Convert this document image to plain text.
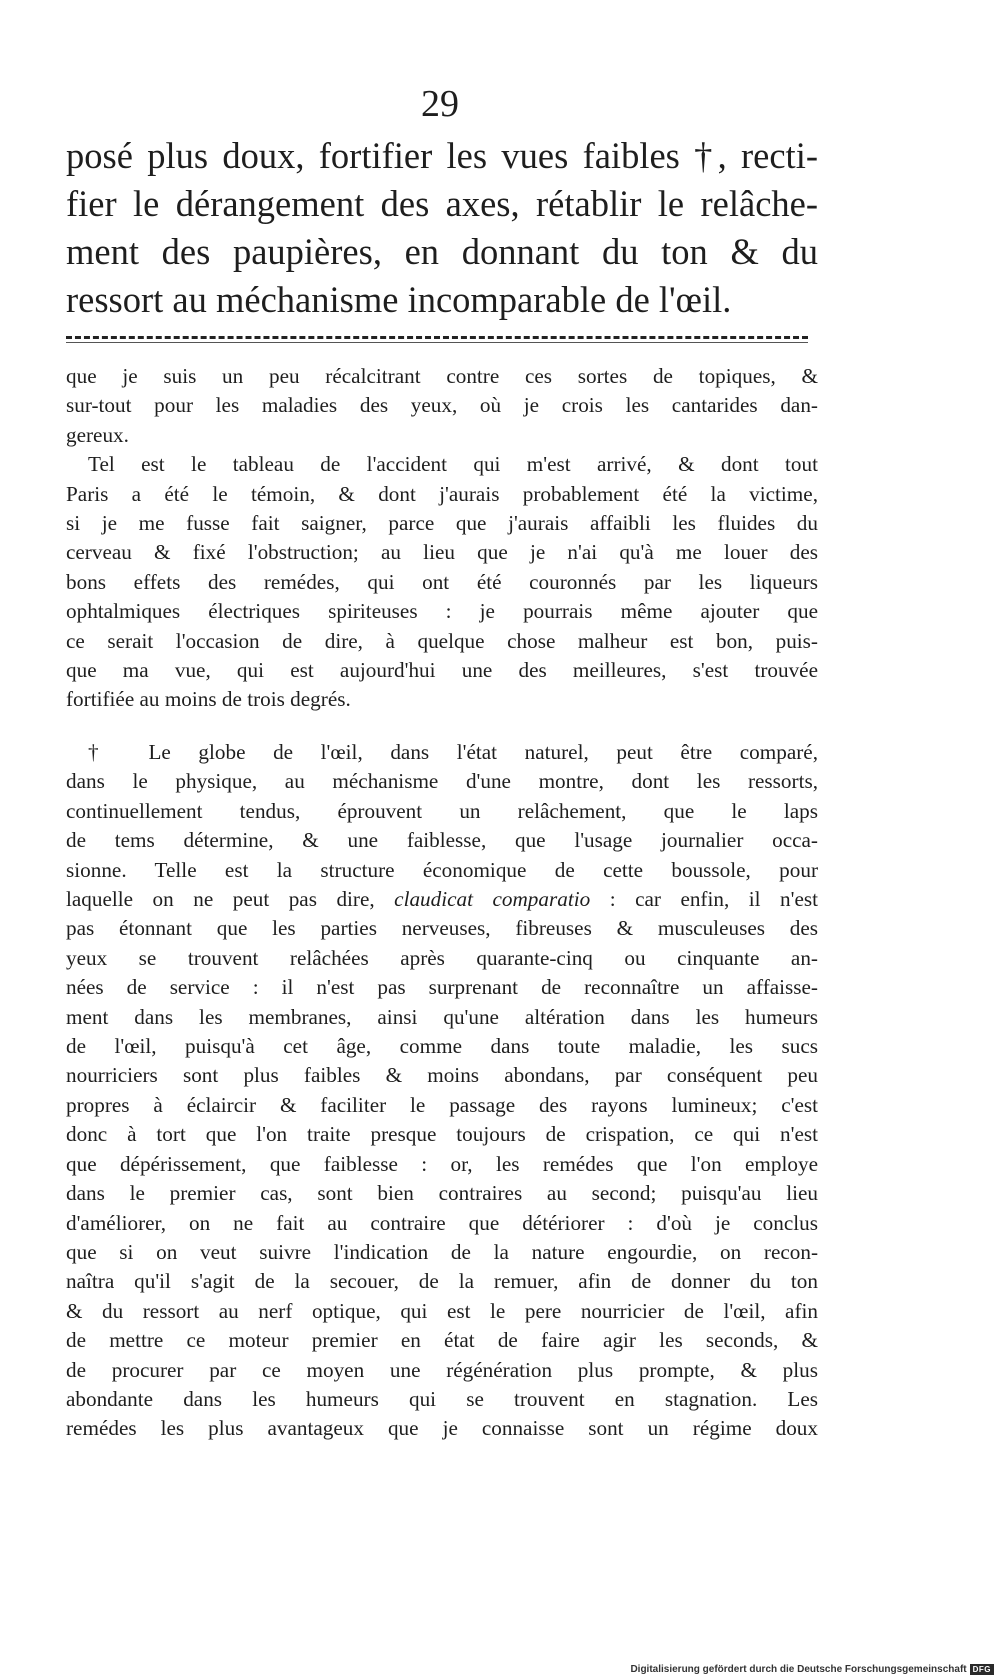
29
posé plus doux, fortifier les vues faibles †, recti-
fier le dérangement des axes, rétablir le relâche-
ment des paupières, en donnant du ton & du
ressort au méchanisme incomparable de l'œil.
que je suis un peu récalcitrant contre ces sortes de topiques, &
sur-tout pour les maladies des yeux, où je crois les cantarides dan-
gereux.
Tel est le tableau de l'accident qui m'est arrivé, & dont tout
Paris a été le témoin, & dont j'aurais probablement été la victime,
si je me fusse fait saigner, parce que j'aurais affaibli les fluides du
cerveau & fixé l'obstruction; au lieu que je n'ai qu'à me louer des
bons effets des remédes, qui ont été couronnés par les liqueurs
ophtalmiques électriques spiriteuses : je pourrais même ajouter que
ce serait l'occasion de dire, à quelque chose malheur est bon, puis-
que ma vue, qui est aujourd'hui une des meilleures, s'est trouvée
fortifiée au moins de trois degrés.
† Le globe de l'œil, dans l'état naturel, peut être comparé,
dans le physique, au méchanisme d'une montre, dont les ressorts,
continuellement tendus, éprouvent un relâchement, que le laps
de tems détermine, & une faiblesse, que l'usage journalier occa-
sionne. Telle est la structure économique de cette boussole, pour
laquelle on ne peut pas dire, claudicat comparatio : car enfin, il n'est
pas étonnant que les parties nerveuses, fibreuses & musculeuses des
yeux se trouvent relâchées après quarante-cinq ou cinquante an-
nées de service : il n'est pas surprenant de reconnaître un affaisse-
ment dans les membranes, ainsi qu'une altération dans les humeurs
de l'œil, puisqu'à cet âge, comme dans toute maladie, les sucs
nourriciers sont plus faibles & moins abondans, par conséquent peu
propres à éclaircir & faciliter le passage des rayons lumineux; c'est
donc à tort que l'on traite presque toujours de crispation, ce qui n'est
que dépérissement, que faiblesse : or, les remédes que l'on employe
dans le premier cas, sont bien contraires au second; puisqu'au lieu
d'améliorer, on ne fait au contraire que détériorer : d'où je conclus
que si on veut suivre l'indication de la nature engourdie, on recon-
naîtra qu'il s'agit de la secouer, de la remuer, afin de donner du ton
& du ressort au nerf optique, qui est le pere nourricier de l'œil, afin
de mettre ce moteur premier en état de faire agir les seconds, &
de procurer par ce moyen une régénération plus prompte, & plus
abondante dans les humeurs qui se trouvent en stagnation. Les
remédes les plus avantageux que je connaisse sont un régime doux
Digitalisierung gefördert durch die Deutsche Forschungsgemeinschaft DFG
